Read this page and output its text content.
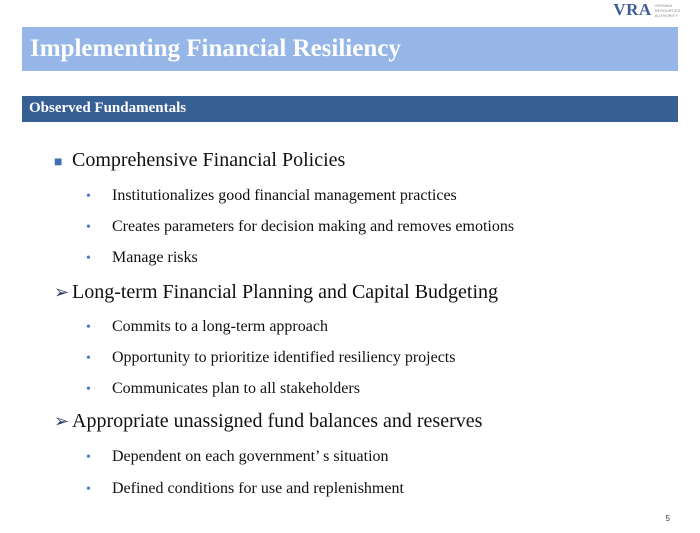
VRA VIRGINIA
RESOURCES
AUTHORITY
Implementing Financial Resiliency
Observed Fundamentals
■ Comprehensive Financial Policies
•	Institutionalizes good financial management practices
•	Creates parameters for decision making and removes emotions
•	Manage risks
➢ Long-term Financial Planning and Capital Budgeting
•	Commits to a long-term approach
•	Opportunity to prioritize identified resiliency projects
•	Communicates plan to all stakeholders
➢ Appropriate unassigned fund balances and reserves
•	Dependent on each government’ s situation
•	Defined conditions for use and replenishment
5
